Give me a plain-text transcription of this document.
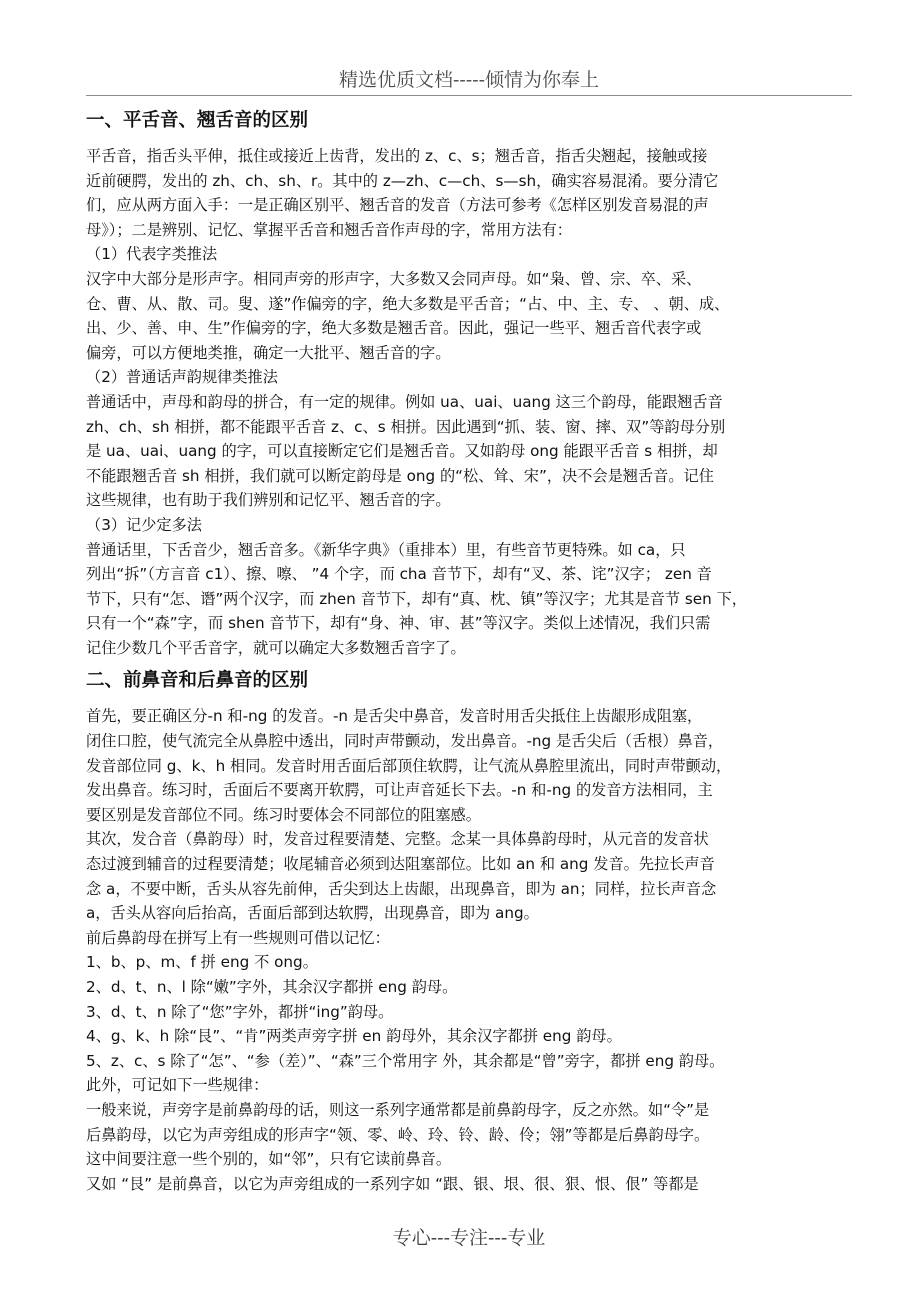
精选优质文档-----倾情为你奉上
一、平舌音、翘舌音的区别
平舌音，指舌头平伸，抵住或接近上齿背，发出的 z、c、s；翘舌音，指舌尖翘起，接触或接
近前硬腭，发出的 zh、ch、sh、r。其中的 z—zh、c—ch、s—sh，确实容易混淆。要分清它
们，应从两方面入手：一是正确区别平、翘舌音的发音（方法可参考《怎样区别发音易混的声
母》）；二是辨别、记忆、掌握平舌音和翘舌音作声母的字，常用方法有：
（1）代表字类推法
汉字中大部分是形声字。相同声旁的形声字，大多数又会同声母。如“枭、曾、宗、卒、采、
仓、曹、从、散、司。叟、遂”作偏旁的字，绝大多数是平舌音；“占、中、主、专、 、朝、成、
出、少、善、申、生”作偏旁的字，绝大多数是翘舌音。因此，强记一些平、翘舌音代表字或
偏旁，可以方便地类推，确定一大批平、翘舌音的字。
（2）普通话声韵规律类推法
普通话中，声母和韵母的拼合，有一定的规律。例如 ua、uai、uang 这三个韵母，能跟翘舌音
zh、ch、sh 相拼，都不能跟平舌音 z、c、s 相拼。因此遇到“抓、装、窗、摔、双”等韵母分别
是 ua、uai、uang 的字，可以直接断定它们是翘舌音。又如韵母 ong 能跟平舌音 s 相拼，却
不能跟翘舌音 sh 相拼，我们就可以断定韵母是 ong 的“松、耸、宋”，决不会是翘舌音。记住
这些规律，也有助于我们辨别和记忆平、翘舌音的字。
（3）记少定多法
普通话里，下舌音少，翘舌音多。《新华字典》（重排本）里，有些音节更特殊。如 ca，只
列出“拆”（方言音 c1）、擦、嚓、 ”4 个字，而 cha 音节下，却有“叉、茶、诧”汉字； zen 音
节下，只有“怎、谮”两个汉字，而 zhen 音节下，却有“真、枕、镇”等汉字；尤其是音节 sen 下，
只有一个“森”字，而 shen 音节下，却有“身、神、审、甚”等汉字。类似上述情况，我们只需
记住少数几个平舌音字，就可以确定大多数翘舌音字了。
二、前鼻音和后鼻音的区别
首先，要正确区分-n 和-ng 的发音。-n 是舌尖中鼻音，发音时用舌尖抵住上齿龈形成阻塞，
闭住口腔，使气流完全从鼻腔中透出，同时声带颤动，发出鼻音。-ng 是舌尖后（舌根）鼻音，
发音部位同 g、k、h 相同。发音时用舌面后部顶住软腭，让气流从鼻腔里流出，同时声带颤动，
发出鼻音。练习时，舌面后不要离开软腭，可让声音延长下去。-n 和-ng 的发音方法相同，主
要区别是发音部位不同。练习时要体会不同部位的阻塞感。
其次，发合音（鼻韵母）时，发音过程要清楚、完整。念某一具体鼻韵母时，从元音的发音状
态过渡到辅音的过程要清楚；收尾辅音必须到达阻塞部位。比如 an 和 ang 发音。先拉长声音
念 a，不要中断，舌头从容先前伸，舌尖到达上齿龈，出现鼻音，即为 an；同样，拉长声音念
a，舌头从容向后抬高，舌面后部到达软腭，出现鼻音，即为 ang。
前后鼻韵母在拼写上有一些规则可借以记忆：
1、b、p、m、f 拼 eng 不 ong。
2、d、t、n、l 除“嫩”字外，其余汉字都拼 eng 韵母。
3、d、t、n 除了“您”字外，都拼“ing”韵母。
4、g、k、h 除“艮”、“肯”两类声旁字拼 en 韵母外，其余汉字都拼 eng 韵母。
5、z、c、s 除了“怎”、“参（差）”、“森”三个常用字 外，其余都是“曾”旁字，都拼 eng 韵母。
此外，可记如下一些规律：
一般来说，声旁字是前鼻韵母的话，则这一系列字通常都是前鼻韵母字，反之亦然。如“令”是
后鼻韵母，以它为声旁组成的形声字“领、零、岭、玲、铃、龄、伶；翎”等都是后鼻韵母字。
这中间要注意一些个别的，如“邻”，只有它读前鼻音。
又如 “艮” 是前鼻音，以它为声旁组成的一系列字如 “跟、银、垠、很、狠、恨、佷” 等都是
专心---专注---专业
